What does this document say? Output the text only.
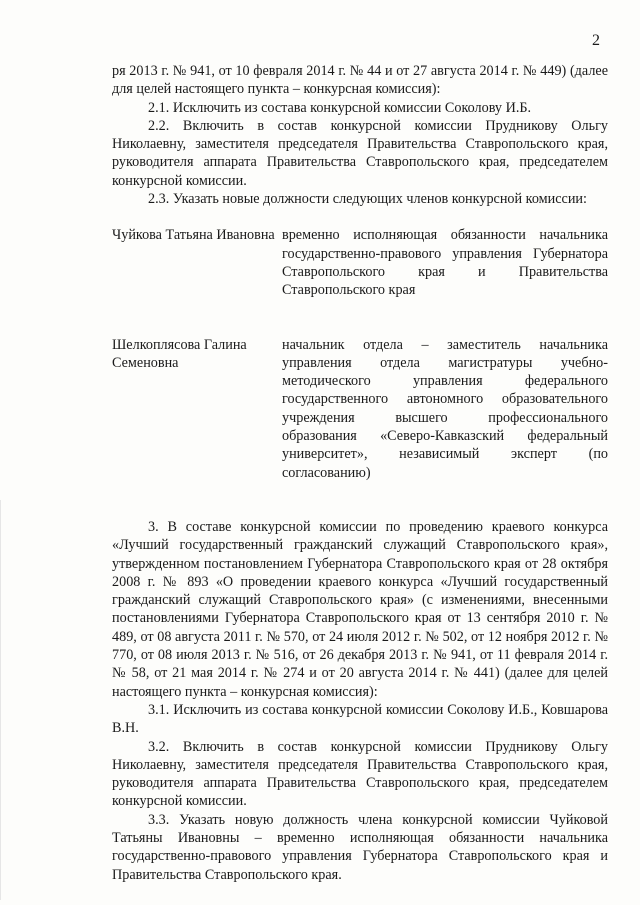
2

ря 2013 г. № 941, от 10 февраля 2014 г. № 44 и от 27 августа 2014 г. № 449) (далее для целей настоящего пункта – конкурсная комиссия):

2.1. Исключить из состава конкурсной комиссии Соколову И.Б.

2.2. Включить в состав конкурсной комиссии Прудникову Ольгу Николаевну, заместителя председателя Правительства Ставропольского края, руководителя аппарата Правительства Ставропольского края, председателем конкурсной комиссии.

2.3. Указать новые должности следующих членов конкурсной комиссии:

Чуйкова Татьяна Ивановна временно исполняющая обязанности начальника государственно-правового управления Губернатора Ставропольского края и Правительства Ставропольского края
Шелкоплясова Галина Семеновна
начальник отдела – заместитель начальника управления отдела магистратуры учебно-методического управления федерального государственного автономного образовательного учреждения высшего профессионального образования «Северо-Кавказский федеральный университет», независимый эксперт (по согласованию)

3. В составе конкурсной комиссии по проведению краевого конкурса «Лучший государственный гражданский служащий Ставропольского края», утвержденном постановлением Губернатора Ставропольского края от 28 октября 2008 г. № 893 «О проведении краевого конкурса «Лучший государственный гражданский служащий Ставропольского края» (с изменениями, внесенными постановлениями Губернатора Ставропольского края от 13 сентября 2010 г. № 489, от 08 августа 2011 г. № 570, от 24 июля 2012 г. № 502, от 12 ноября 2012 г. № 770, от 08 июля 2013 г. № 516, от 26 декабря 2013 г. № 941, от 11 февраля 2014 г. № 58, от 21 мая 2014 г. № 274 и от 20 августа 2014 г. № 441) (далее для целей настоящего пункта – конкурсная комиссия):

3.1. Исключить из состава конкурсной комиссии Соколову И.Б., Ковшарова В.Н.

3.2. Включить в состав конкурсной комиссии Прудникову Ольгу Николаевну, заместителя председателя Правительства Ставропольского края, руководителя аппарата Правительства Ставропольского края, председателем конкурсной комиссии.

3.3. Указать новую должность члена конкурсной комиссии Чуйковой Татьяны Ивановны – временно исполняющая обязанности начальника государственно-правового управления Губернатора Ставропольского края и Правительства Ставропольского края.
